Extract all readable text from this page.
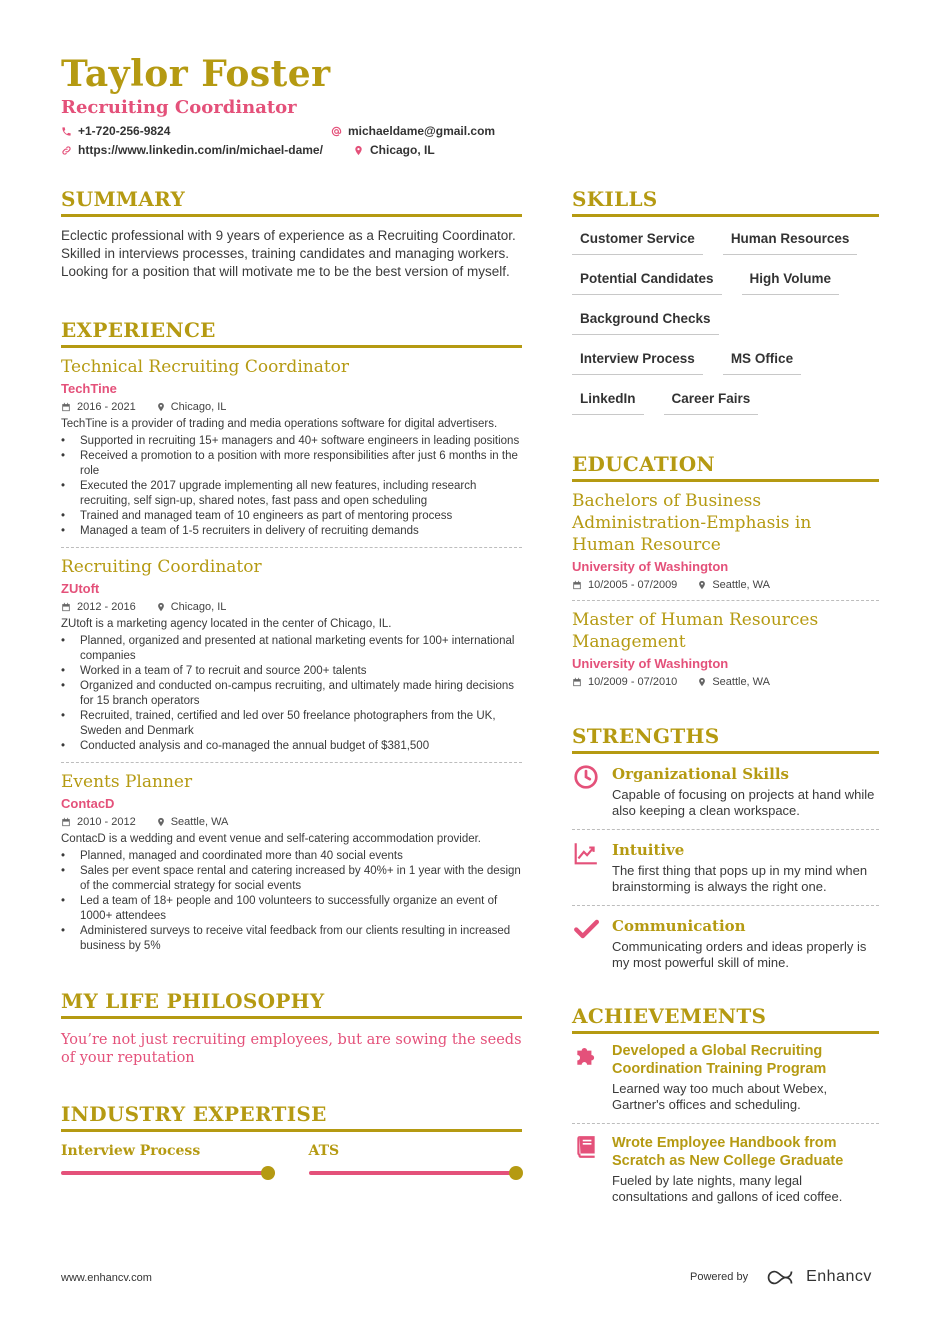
Taylor Foster
Recruiting Coordinator
+1-720-256-9824	michaeldame@gmail.com
https://www.linkedin.com/in/michael-dame/	Chicago, IL
SUMMARY

Eclectic professional with 9 years of experience as a Recruiting Coordinator. Skilled in interviews processes, training candidates and managing workers. Looking for a position that will motivate me to be the best version of myself.

EXPERIENCE
Technical Recruiting Coordinator
TechTine
2016 - 2021	Chicago, IL
TechTine is a provider of trading and media operations software for digital advertisers.
• Supported in recruiting 15+ managers and 40+ software engineers in leading positions
• Received a promotion to a position with more responsibilities after just 6 months in the role
• Executed the 2017 upgrade implementing all new features, including research recruiting, self sign-up, shared notes, fast pass and open scheduling
• Trained and managed team of 10 engineers as part of mentoring process
• Managed a team of 1-5 recruiters in delivery of recruiting demands
Recruiting Coordinator
ZUtoft
2012 - 2016	Chicago, IL
ZUtoft is a marketing agency located in the center of Chicago, IL.
• Planned, organized and presented at national marketing events for 100+ international companies
• Worked in a team of 7 to recruit and source 200+ talents
• Organized and conducted on-campus recruiting, and ultimately made hiring decisions for 15 branch operators
• Recruited, trained, certified and led over 50 freelance photographers from the UK, Sweden and Denmark
• Conducted analysis and co-managed the annual budget of $381,500
Events Planner
ContacD
2010 - 2012	Seattle, WA
ContacD is a wedding and event venue and self-catering accommodation provider.
• Planned, managed and coordinated more than 40 social events
• Sales per event space rental and catering increased by 40%+ in 1 year with the design of the commercial strategy for social events
• Led a team of 18+ people and 100 volunteers to successfully organize an event of 1000+ attendees
• Administered surveys to receive vital feedback from our clients resulting in increased business by 5%
MY LIFE PHILOSOPHY

You’re not just recruiting employees, but are sowing the seeds of your reputation

INDUSTRY EXPERTISE
Interview Process	ATS
SKILLS
Customer Service	Human Resources
Potential Candidates	High Volume
Background Checks
Interview Process	MS Office
LinkedIn	Career Fairs
EDUCATION
Bachelors of Business Administration-Emphasis in Human Resource
University of Washington
10/2005 - 07/2009	Seattle, WA
Master of Human Resources Management
University of Washington
10/2009 - 07/2010	Seattle, WA
STRENGTHS
Organizational Skills
Capable of focusing on projects at hand while also keeping a clean workspace.
Intuitive
The first thing that pops up in my mind when brainstorming is always the right one.
Communication
Communicating orders and ideas properly is my most powerful skill of mine.
ACHIEVEMENTS
Developed a Global Recruiting Coordination Training Program
Learned way too much about Webex, Gartner's offices and scheduling.
Wrote Employee Handbook from Scratch as New College Graduate
Fueled by late nights, many legal consultations and gallons of iced coffee.
www.enhancv.com	Powered by	Enhancv
